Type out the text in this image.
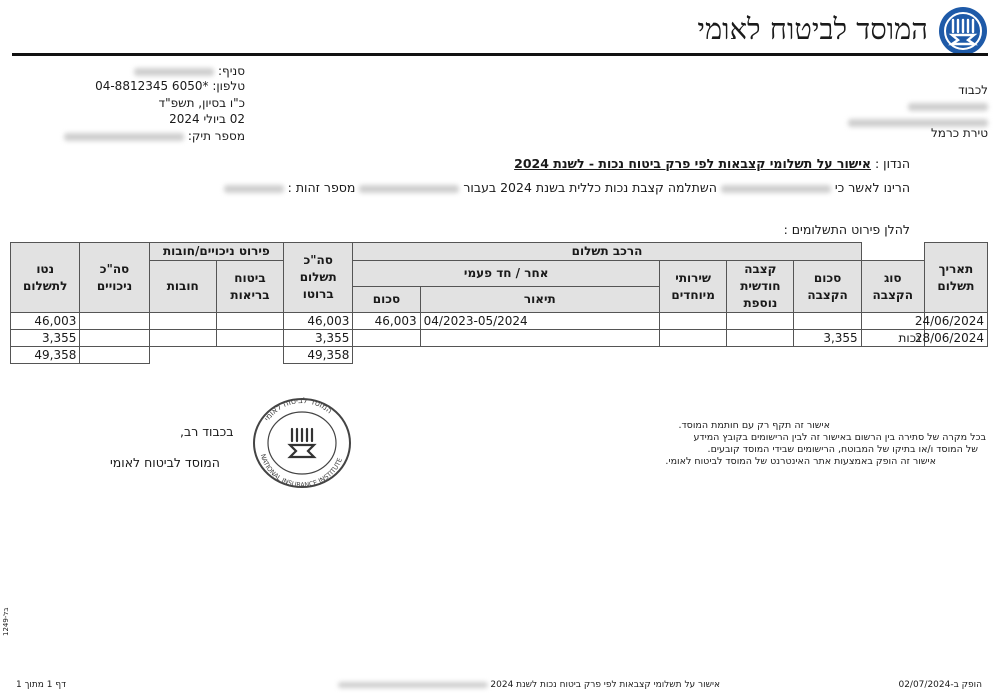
המוסד לביטוח לאומי
סניף:
טלפון: 04-8812345 6050*
כ"ו בסיון, תשפ"ד
02 ביולי 2024
מספר תיק:
לכבוד
טירת כרמל
הנדון : אישור על תשלומי קצבאות לפי פרק ביטוח נכות - לשנת 2024
הרינו לאשר כי  השתלמה קצבת נכות כללית בשנת 2024 בעבור  מספר זהות :
להלן פירוט התשלומים :
תאריך תשלום		הרכב תשלום					סה"כ תשלום ברוטו	פירוט ניכויים/חובות		סה"כ ניכויים	נטו לתשלום
	סוג הקצבה	סכום הקצבה	קצבה חודשית נוספת	שירותי מיוחדים	אחר / חד פעמי			ביטוח בריאות	חובות		
					תיאור	סכום					
24/06/2024					04/2023-05/2024	46,003	46,003				46,003
28/06/2024	נכות	3,355					3,355				3,355
							49,358				49,358
בכבוד רב,
המוסד לביטוח לאומי
המוסד לביטוח לאומי
NATIONAL INSURANCE INSTITUTE
אישור זה תקף רק עם חותמת המוסד.
בכל מקרה של סתירה בין הרשום באישור זה לבין הרישומים בקובץ המידע
של המוסד ו/או בתיקו של המבוטח, הרישומים שבידי המוסד קובעים.
אישור זה הופק באמצעות אתר האינטרנט של המוסד לביטוח לאומי.
בל-1249
הופק ב-02/07/2024
אישור על תשלומי קצבאות לפי פרק ביטוח נכות לשנת 2024
דף 1 מתוך 1
